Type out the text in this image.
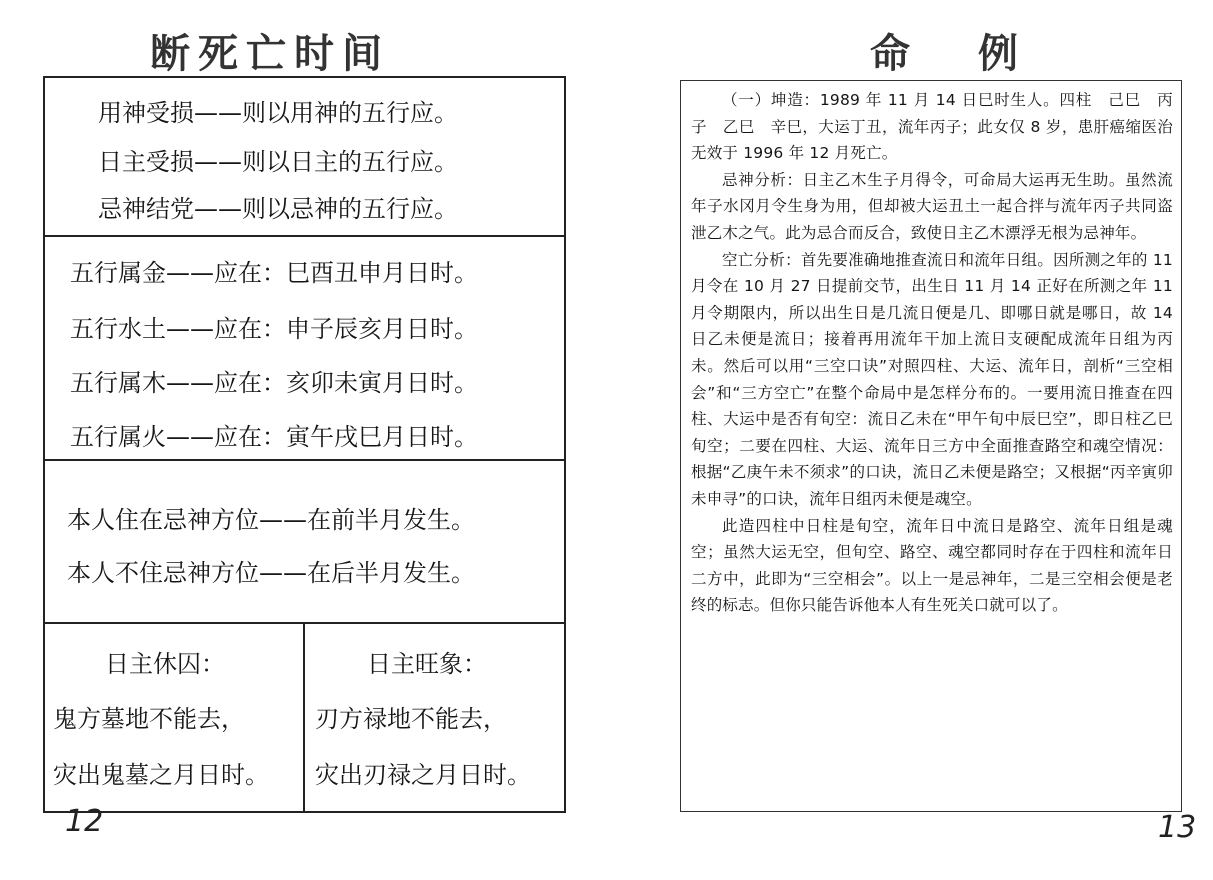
断死亡时间
用神受损——则以用神的五行应。
日主受损——则以日主的五行应。
忌神结党——则以忌神的五行应。
五行属金——应在：巳酉丑申月日时。
五行水土——应在：申子辰亥月日时。
五行属木——应在：亥卯未寅月日时。
五行属火——应在：寅午戌巳月日时。
本人住在忌神方位——在前半月发生。
本人不住忌神方位——在后半月发生。
日主休囚：
鬼方墓地不能去，
灾出鬼墓之月日时。
日主旺象：
刃方禄地不能去，
灾出刃禄之月日时。
12
命例

（一）坤造：1989 年 11 月 14 日巳时生人。四柱　己巳　丙子　乙巳　辛巳，大运丁丑，流年丙子；此女仅 8 岁，患肝癌缩医治无效于 1996 年 12 月死亡。

忌神分析：日主乙木生子月得令，可命局大运再无生助。虽然流年子水冈月令生身为用，但却被大运丑土一起合拌与流年丙子共同盗泄乙木之气。此为忌合而反合，致使日主乙木漂浮无根为忌神年。

空亡分析：首先要准确地推查流日和流年日组。因所测之年的 11 月令在 10 月 27 日提前交节，出生日 11 月 14 正好在所测之年 11 月令期限内，所以出生日是几流日便是几、即哪日就是哪日，故 14 日乙未便是流日；接着再用流年干加上流日支硬配成流年日组为丙未。然后可以用“三空口诀”对照四柱、大运、流年日，剖析“三空相会”和“三方空亡”在整个命局中是怎样分布的。一要用流日推查在四柱、大运中是否有旬空：流日乙未在“甲午旬中辰巳空”，即日柱乙巳旬空；二要在四柱、大运、流年日三方中全面推查路空和魂空情况：根据“乙庚午未不须求”的口诀，流日乙未便是路空；又根据“丙辛寅卯未申寻”的口诀，流年日组丙未便是魂空。

此造四柱中日柱是旬空，流年日中流日是路空、流年日组是魂空；虽然大运无空，但旬空、路空、魂空都同时存在于四柱和流年日二方中，此即为“三空相会”。以上一是忌神年，二是三空相会便是老终的标志。但你只能告诉他本人有生死关口就可以了。

13
